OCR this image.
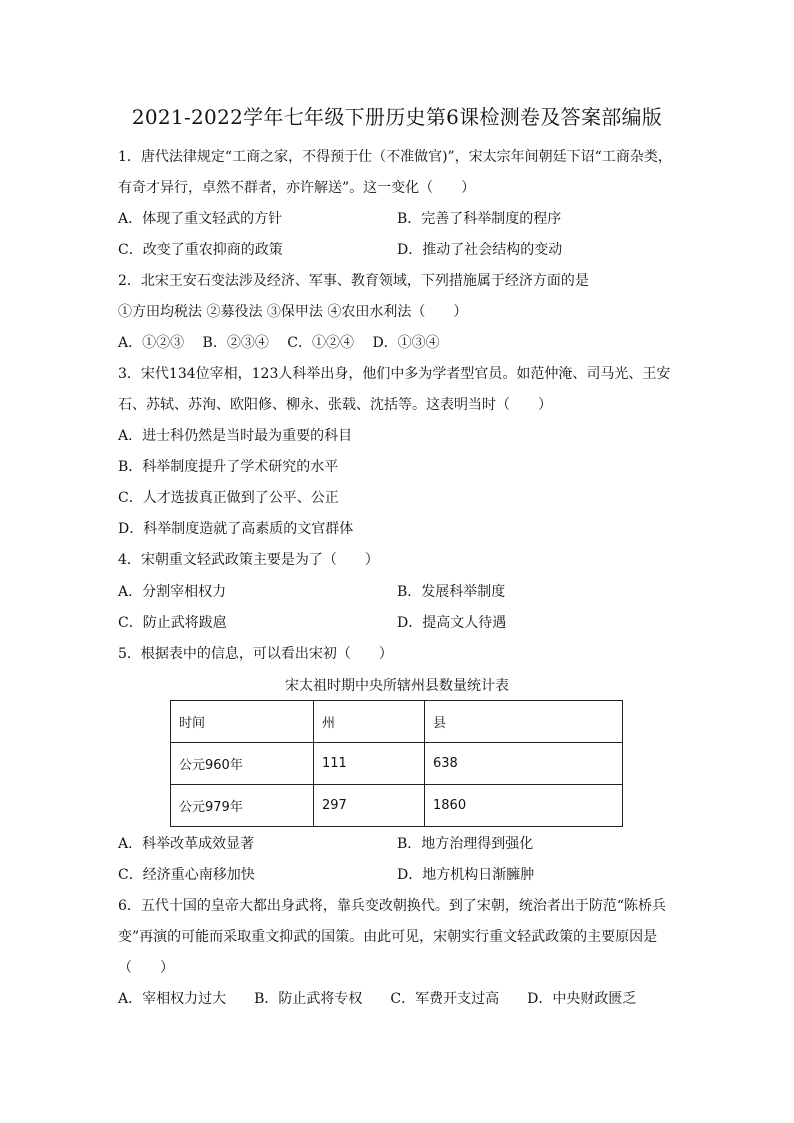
2021-2022学年七年级下册历史第6课检测卷及答案部编版
1．唐代法律规定“工商之家，不得预于仕（不准做官)”，宋太宗年间朝廷下诏“工商杂类，
有奇才异行，卓然不群者，亦许解送”。这一变化（　　）
A．体现了重文轻武的方针	B．完善了科举制度的程序
C．改变了重农抑商的政策	D．推动了社会结构的变动
2．北宋王安石变法涉及经济、军事、教育领域，下列措施属于经济方面的是
①方田均税法 ②募役法 ③保甲法 ④农田水利法（　　）
A．①②③　 B．②③④　 C．①②④　 D．①③④
3．宋代134位宰相，123人科举出身，他们中多为学者型官员。如范仲淹、司马光、王安
石、苏轼、苏洵、欧阳修、柳永、张载、沈括等。这表明当时（　　）
A．进士科仍然是当时最为重要的科目
B．科举制度提升了学术研究的水平
C．人才选拔真正做到了公平、公正
D．科举制度造就了高素质的文官群体
4．宋朝重文轻武政策主要是为了（　　）
A．分割宰相权力	B．发展科举制度
C．防止武将跋扈	D．提高文人待遇
5．根据表中的信息，可以看出宋初（　　）
宋太祖时期中央所辖州县数量统计表
时间	州	县
公元960年	111	638
公元979年	297	1860
A．科举改革成效显著	B．地方治理得到强化
C．经济重心南移加快	D．地方机构日渐臃肿
6．五代十国的皇帝大都出身武将，靠兵变改朝换代。到了宋朝，统治者出于防范“陈桥兵
变”再演的可能而采取重文抑武的国策。由此可见，宋朝实行重文轻武政策的主要原因是
（　　）
A．宰相权力过大　　B．防止武将专权　　C．军费开支过高　　D．中央财政匮乏
